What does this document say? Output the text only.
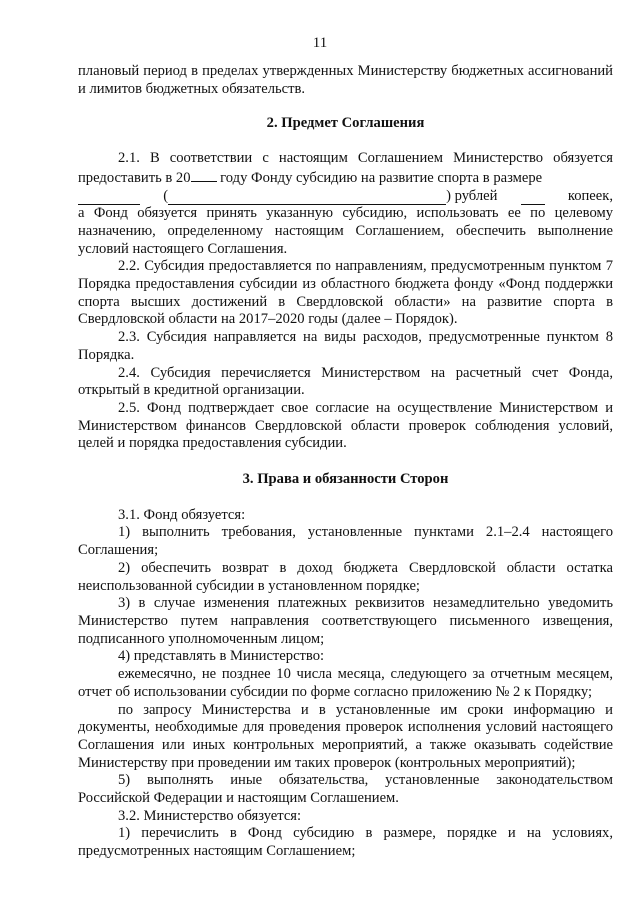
11

плановый период в пределах утвержденных Министерству бюджетных ассигнований и лимитов бюджетных обязательств.

2. Предмет Соглашения

2.1. В соответствии с настоящим Соглашением Министерство обязуется предоставить в 20 году Фонду субсидию на развитие спорта в размере

(	) рублей	копеек,

а Фонд обязуется принять указанную субсидию, использовать ее по целевому назначению, определенному настоящим Соглашением, обеспечить выполнение условий настоящего Соглашения.

2.2. Субсидия предоставляется по направлениям, предусмотренным пунктом 7 Порядка предоставления субсидии из областного бюджета фонду «Фонд поддержки спорта высших достижений в Свердловской области» на развитие спорта в Свердловской области на 2017–2020 годы (далее – Порядок).

2.3. Субсидия направляется на виды расходов, предусмотренные пунктом 8 Порядка.

2.4. Субсидия перечисляется Министерством на расчетный счет Фонда, открытый в кредитной организации.

2.5. Фонд подтверждает свое согласие на осуществление Министерством и Министерством финансов Свердловской области проверок соблюдения условий, целей и порядка предоставления субсидии.

3. Права и обязанности Сторон

3.1. Фонд обязуется:

1) выполнить требования, установленные пунктами 2.1–2.4 настоящего Соглашения;

2) обеспечить возврат в доход бюджета Свердловской области остатка неиспользованной субсидии в установленном порядке;

3) в случае изменения платежных реквизитов незамедлительно уведомить Министерство путем направления соответствующего письменного извещения, подписанного уполномоченным лицом;

4) представлять в Министерство:

ежемесячно, не позднее 10 числа месяца, следующего за отчетным месяцем, отчет об использовании субсидии по форме согласно приложению № 2 к Порядку;

по запросу Министерства и в установленные им сроки информацию и документы, необходимые для проведения проверок исполнения условий настоящего Соглашения или иных контрольных мероприятий, а также оказывать содействие Министерству при проведении им таких проверок (контрольных мероприятий);

5) выполнять иные обязательства, установленные законодательством Российской Федерации и настоящим Соглашением.

3.2. Министерство обязуется:

1) перечислить в Фонд субсидию в размере, порядке и на условиях, предусмотренных настоящим Соглашением;
